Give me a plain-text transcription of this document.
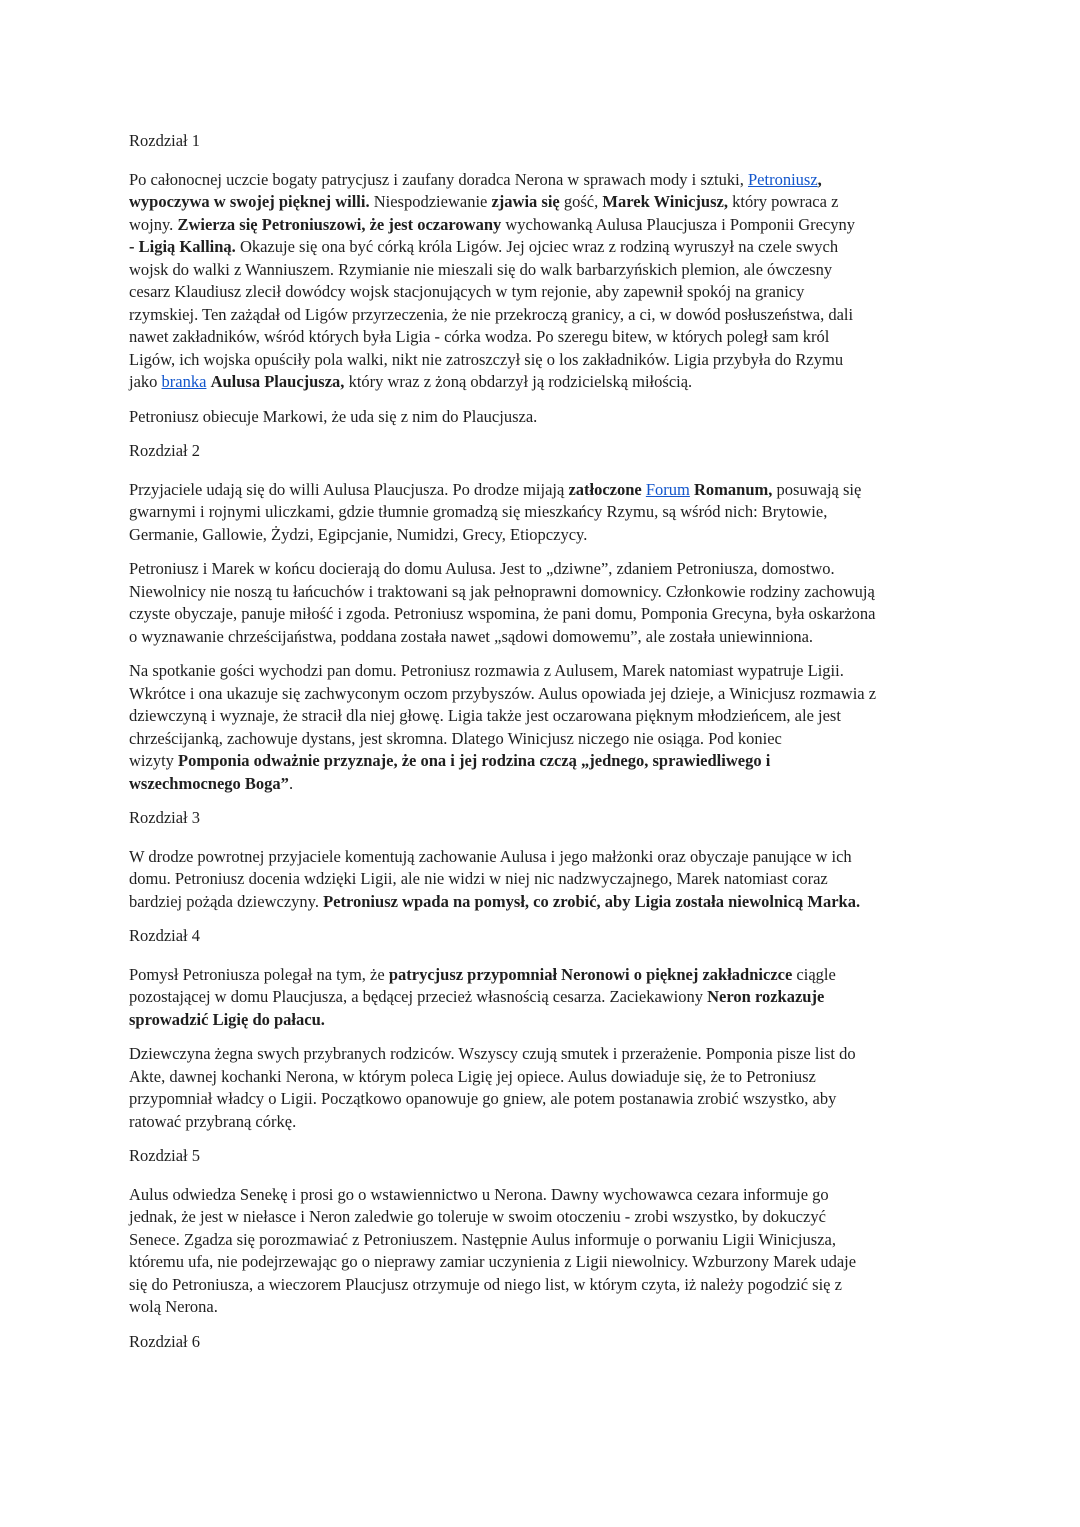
Rozdział 1
Po całonocnej uczcie bogaty patrycjusz i zaufany doradca Nerona w sprawach mody i sztuki, Petroniusz,
wypoczywa w swojej pięknej willi. Niespodziewanie zjawia się gość, Marek Winicjusz, który powraca z
wojny. Zwierza się Petroniuszowi, że jest oczarowany wychowanką Aulusa Plaucjusza i Pomponii Grecyny
- Ligią Kalliną. Okazuje się ona być córką króla Ligów. Jej ojciec wraz z rodziną wyruszył na czele swych
wojsk do walki z Wanniuszem. Rzymianie nie mieszali się do walk barbarzyńskich plemion, ale ówczesny
cesarz Klaudiusz zlecił dowódcy wojsk stacjonujących w tym rejonie, aby zapewnił spokój na granicy
rzymskiej. Ten zażądał od Ligów przyrzeczenia, że nie przekroczą granicy, a ci, w dowód posłuszeństwa, dali
nawet zakładników, wśród których była Ligia - córka wodza. Po szeregu bitew, w których poległ sam król
Ligów, ich wojska opuściły pola walki, nikt nie zatroszczył się o los zakładników. Ligia przybyła do Rzymu
jako branka Aulusa Plaucjusza, który wraz z żoną obdarzył ją rodzicielską miłością.
Petroniusz obiecuje Markowi, że uda się z nim do Plaucjusza.
Rozdział 2
Przyjaciele udają się do willi Aulusa Plaucjusza. Po drodze mijają zatłoczone Forum Romanum, posuwają się
gwarnymi i rojnymi uliczkami, gdzie tłumnie gromadzą się mieszkańcy Rzymu, są wśród nich: Brytowie,
Germanie, Gallowie, Żydzi, Egipcjanie, Numidzi, Grecy, Etiopczycy.
Petroniusz i Marek w końcu docierają do domu Aulusa. Jest to „dziwne”, zdaniem Petroniusza, domostwo.
Niewolnicy nie noszą tu łańcuchów i traktowani są jak pełnoprawni domownicy. Członkowie rodziny zachowują
czyste obyczaje, panuje miłość i zgoda. Petroniusz wspomina, że pani domu, Pomponia Grecyna, była oskarżona
o wyznawanie chrześcijaństwa, poddana została nawet „sądowi domowemu”, ale została uniewinniona.
Na spotkanie gości wychodzi pan domu. Petroniusz rozmawia z Aulusem, Marek natomiast wypatruje Ligii.
Wkrótce i ona ukazuje się zachwyconym oczom przybyszów. Aulus opowiada jej dzieje, a Winicjusz rozmawia z
dziewczyną i wyznaje, że stracił dla niej głowę. Ligia także jest oczarowana pięknym młodzieńcem, ale jest
chrześcijanką, zachowuje dystans, jest skromna. Dlatego Winicjusz niczego nie osiąga. Pod koniec
wizyty Pomponia odważnie przyznaje, że ona i jej rodzina czczą „jednego, sprawiedliwego i
wszechmocnego Boga”.
Rozdział 3
W drodze powrotnej przyjaciele komentują zachowanie Aulusa i jego małżonki oraz obyczaje panujące w ich
domu. Petroniusz docenia wdzięki Ligii, ale nie widzi w niej nic nadzwyczajnego, Marek natomiast coraz
bardziej pożąda dziewczyny. Petroniusz wpada na pomysł, co zrobić, aby Ligia została niewolnicą Marka.
Rozdział 4
Pomysł Petroniusza polegał na tym, że patrycjusz przypomniał Neronowi o pięknej zakładniczce ciągle
pozostającej w domu Plaucjusza, a będącej przecież własnością cesarza. Zaciekawiony Neron rozkazuje
sprowadzić Ligię do pałacu.
Dziewczyna żegna swych przybranych rodziców. Wszyscy czują smutek i przerażenie. Pomponia pisze list do
Akte, dawnej kochanki Nerona, w którym poleca Ligię jej opiece. Aulus dowiaduje się, że to Petroniusz
przypomniał władcy o Ligii. Początkowo opanowuje go gniew, ale potem postanawia zrobić wszystko, aby
ratować przybraną córkę.
Rozdział 5
Aulus odwiedza Senekę i prosi go o wstawiennictwo u Nerona. Dawny wychowawca cezara informuje go
jednak, że jest w niełasce i Neron zaledwie go toleruje w swoim otoczeniu - zrobi wszystko, by dokuczyć
Senece. Zgadza się porozmawiać z Petroniuszem. Następnie Aulus informuje o porwaniu Ligii Winicjusza,
któremu ufa, nie podejrzewając go o nieprawy zamiar uczynienia z Ligii niewolnicy. Wzburzony Marek udaje
się do Petroniusza, a wieczorem Plaucjusz otrzymuje od niego list, w którym czyta, iż należy pogodzić się z
wolą Nerona.
Rozdział 6
